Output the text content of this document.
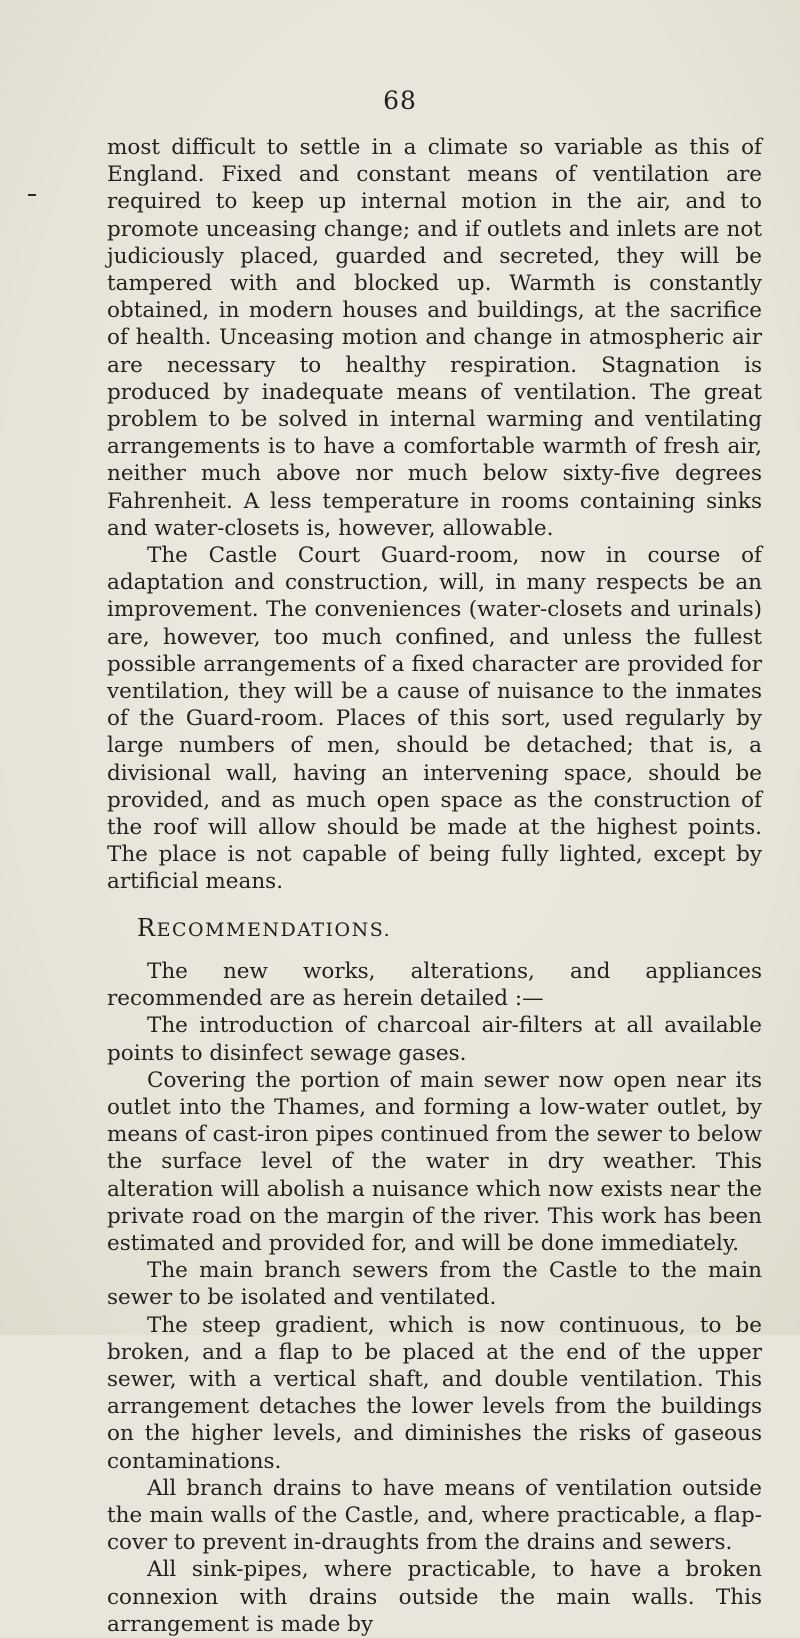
68

most difficult to settle in a climate so variable as this of England. Fixed and constant means of ventilation are required to keep up internal motion in the air, and to promote unceasing change; and if outlets and inlets are not judiciously placed, guarded and secreted, they will be tampered with and blocked up. Warmth is constantly obtained, in modern houses and buildings, at the sacrifice of health. Unceasing motion and change in atmospheric air are necessary to healthy respiration. Stagnation is produced by inadequate means of ventilation. The great problem to be solved in internal warming and ventilating arrangements is to have a comfortable warmth of fresh air, neither much above nor much below sixty-five degrees Fahrenheit. A less temperature in rooms containing sinks and water-closets is, however, allowable.

The Castle Court Guard-room, now in course of adaptation and construction, will, in many respects be an improvement. The conveniences (water-closets and urinals) are, however, too much confined, and unless the fullest possible arrangements of a fixed character are provided for ventilation, they will be a cause of nuisance to the inmates of the Guard-room. Places of this sort, used regularly by large numbers of men, should be detached; that is, a divisional wall, having an intervening space, should be provided, and as much open space as the construction of the roof will allow should be made at the highest points. The place is not capable of being fully lighted, except by artificial means.

RECOMMENDATIONS.

The new works, alterations, and appliances recommended are as herein detailed :—

The introduction of charcoal air-filters at all available points to disinfect sewage gases.

Covering the portion of main sewer now open near its outlet into the Thames, and forming a low-water outlet, by means of cast-iron pipes continued from the sewer to below the surface level of the water in dry weather. This alteration will abolish a nuisance which now exists near the private road on the margin of the river. This work has been estimated and provided for, and will be done immediately.

The main branch sewers from the Castle to the main sewer to be isolated and ventilated.

The steep gradient, which is now continuous, to be broken, and a flap to be placed at the end of the upper sewer, with a vertical shaft, and double ventilation. This arrangement detaches the lower levels from the buildings on the higher levels, and diminishes the risks of gaseous contaminations.

All branch drains to have means of ventilation outside the main walls of the Castle, and, where practicable, a flap-cover to prevent in-draughts from the drains and sewers.

All sink-pipes, where practicable, to have a broken connexion with drains outside the main walls. This arrangement is made by
